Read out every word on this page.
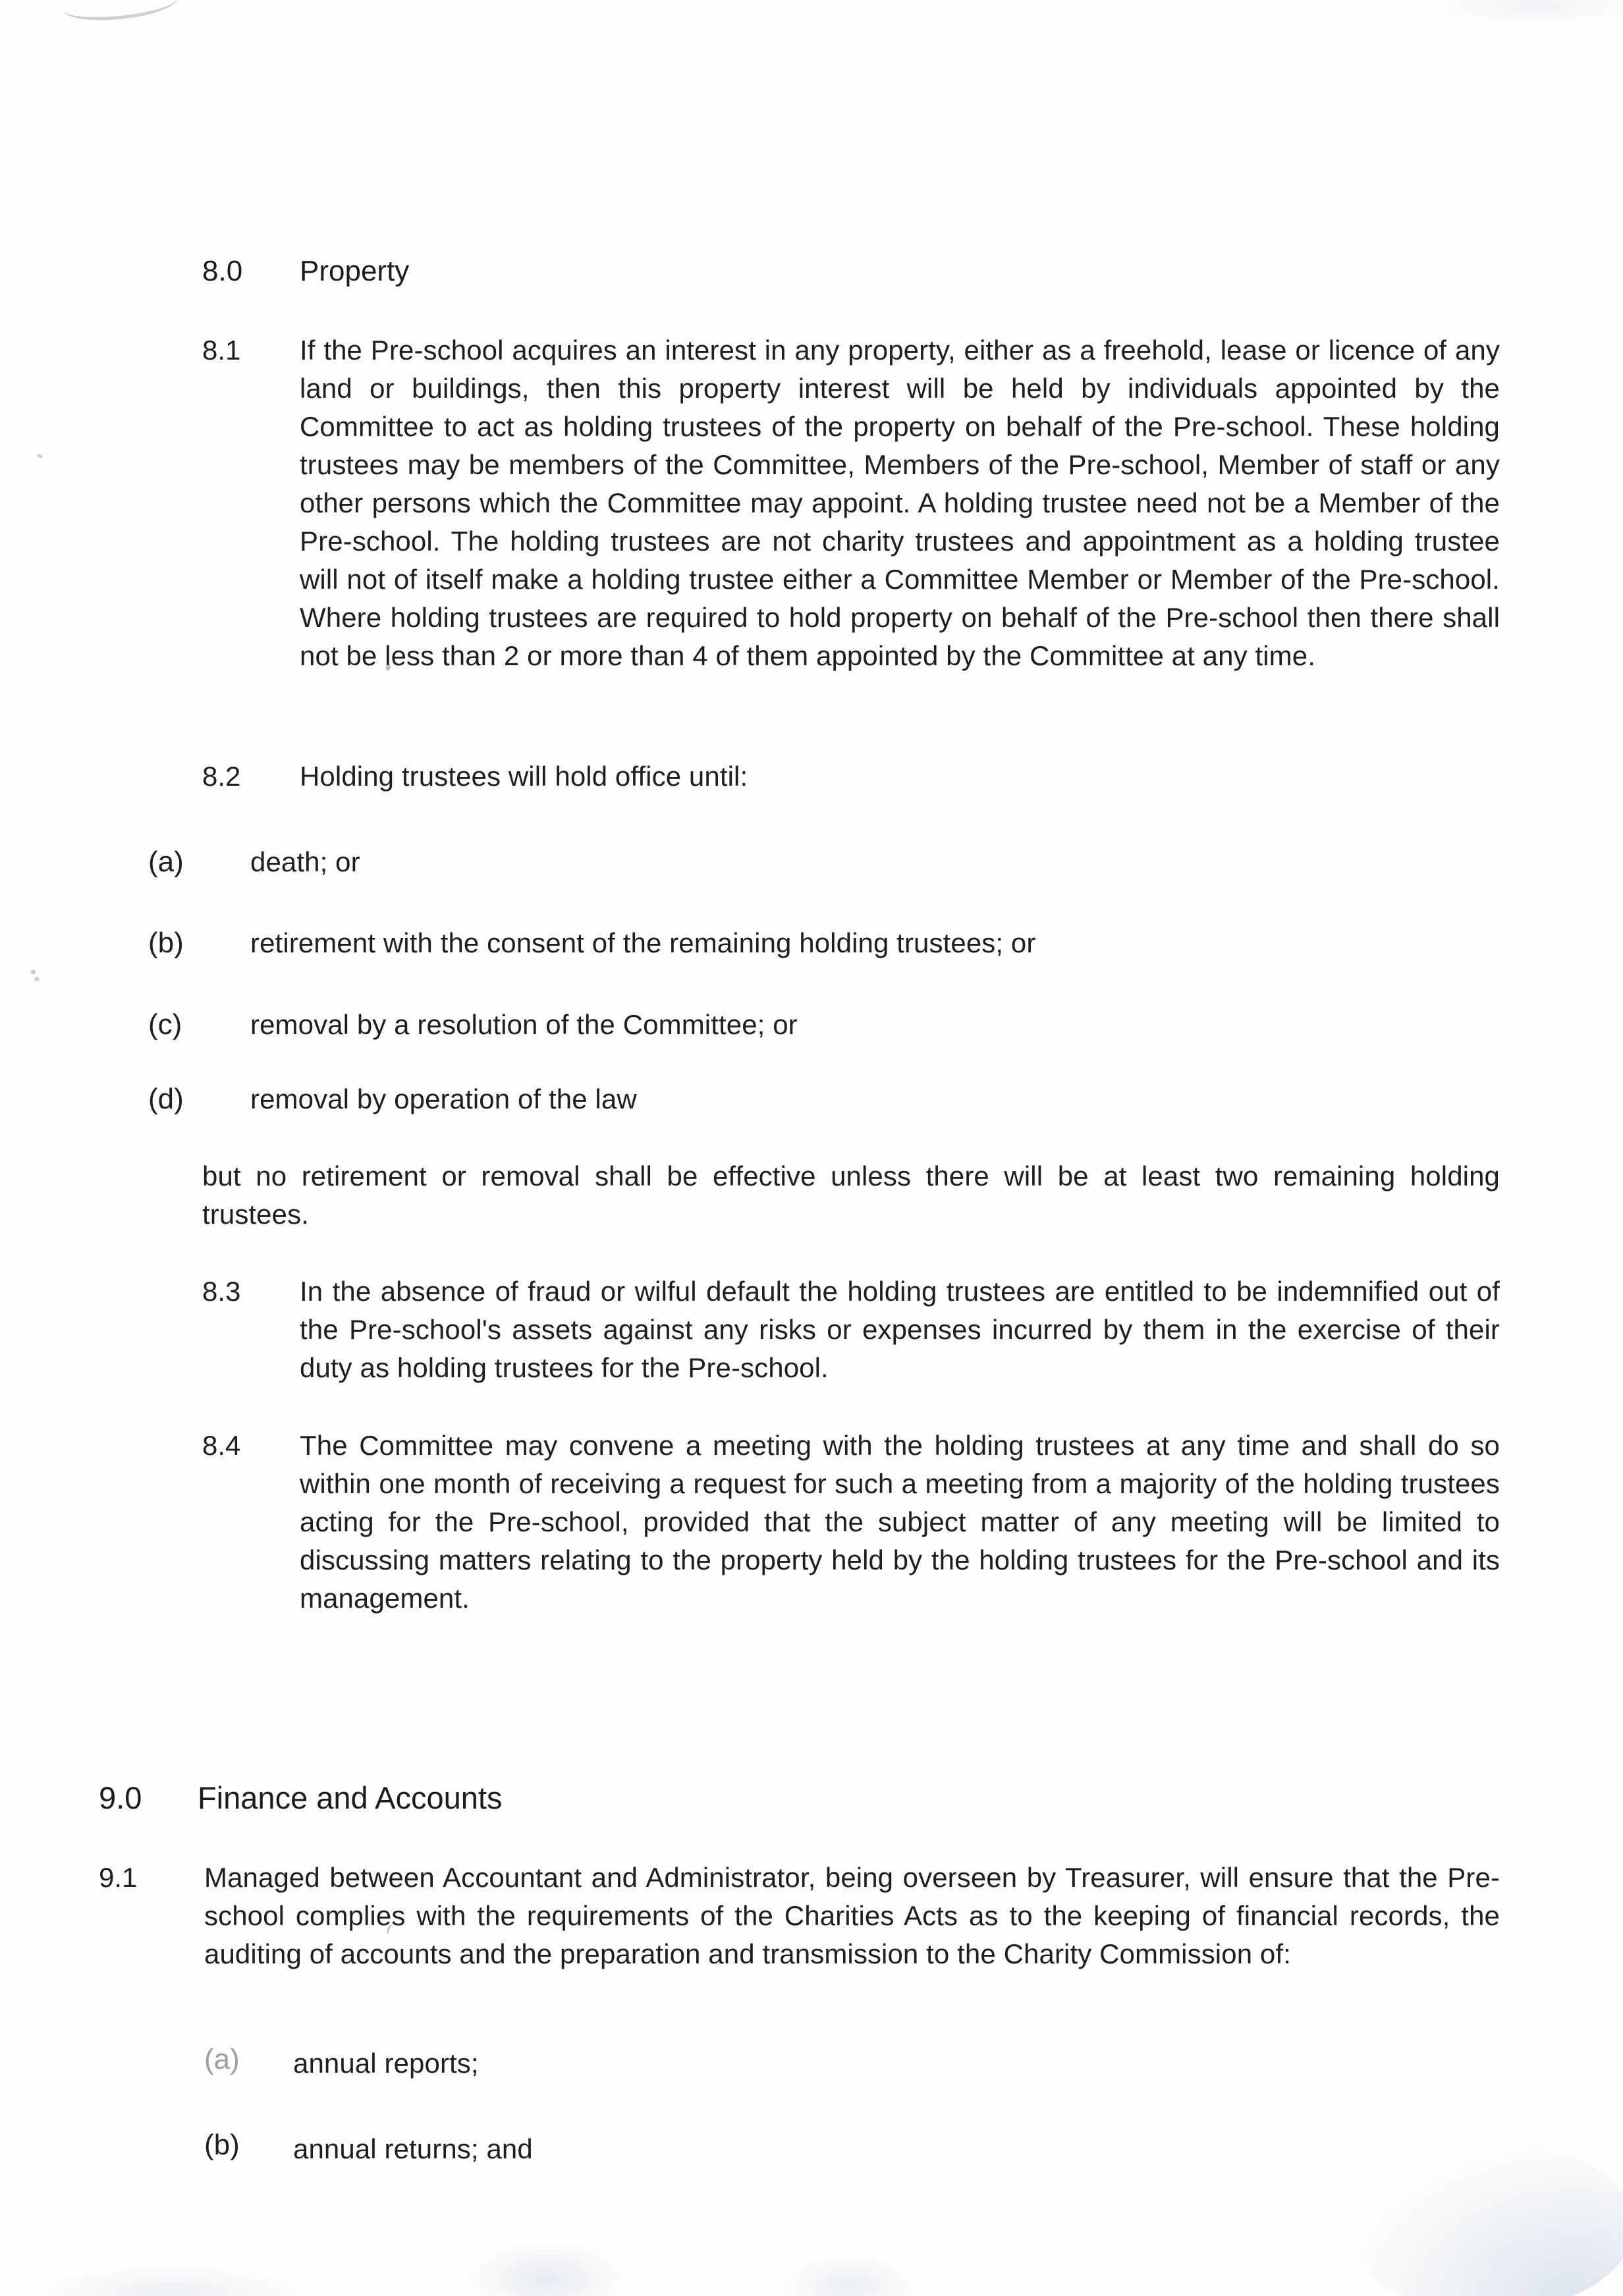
8.0 Property
8.1 If the Pre-school acquires an interest in any property, either as a freehold, lease or licence of any land or buildings, then this property interest will be held by individuals appointed by the Committee to act as holding trustees of the property on behalf of the Pre-school. These holding trustees may be members of the Committee, Members of the Pre-school, Member of staff or any other persons which the Committee may appoint. A holding trustee need not be a Member of the Pre-school. The holding trustees are not charity trustees and appointment as a holding trustee will not of itself make a holding trustee either a Committee Member or Member of the Pre-school. Where holding trustees are required to hold property on behalf of the Pre-school then there shall not be less than 2 or more than 4 of them appointed by the Committee at any time.
8.2 Holding trustees will hold office until:
(a) death; or
(b) retirement with the consent of the remaining holding trustees; or
(c) removal by a resolution of the Committee; or
(d) removal by operation of the law
but no retirement or removal shall be effective unless there will be at least two remaining holding trustees.
8.3 In the absence of fraud or wilful default the holding trustees are entitled to be indemnified out of the Pre-school's assets against any risks or expenses incurred by them in the exercise of their duty as holding trustees for the Pre-school.
8.4 The Committee may convene a meeting with the holding trustees at any time and shall do so within one month of receiving a request for such a meeting from a majority of the holding trustees acting for the Pre-school, provided that the subject matter of any meeting will be limited to discussing matters relating to the property held by the holding trustees for the Pre-school and its management.
9.0 Finance and Accounts
9.1 Managed between Accountant and Administrator, being overseen by Treasurer, will ensure that the Pre-school complies with the requirements of the Charities Acts as to the keeping of financial records, the auditing of accounts and the preparation and transmission to the Charity Commission of:
(a) annual reports;
(b) annual returns; and
